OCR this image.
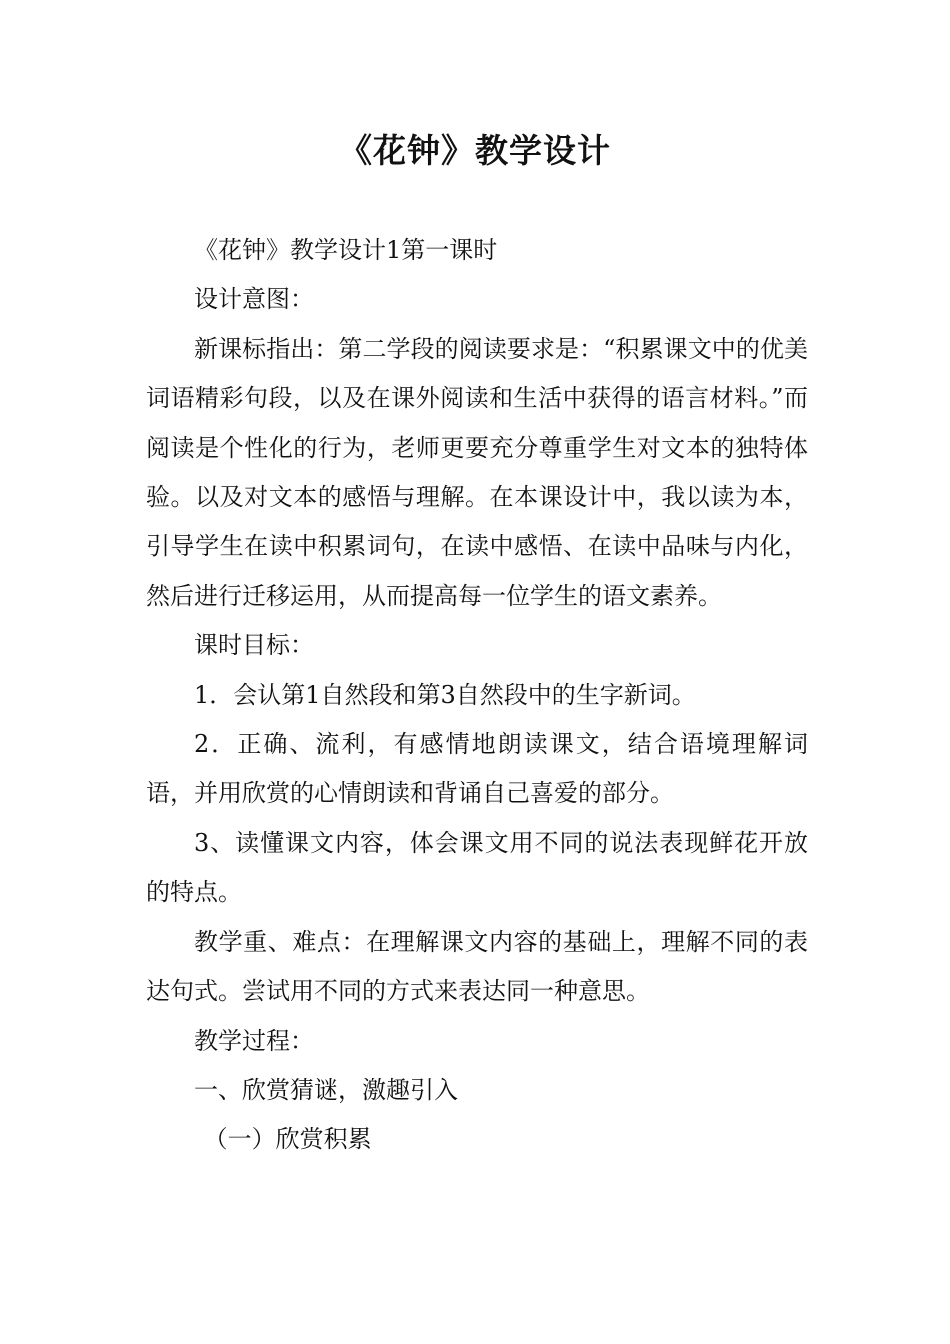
《花钟》教学设计

《花钟》教学设计1第一课时

设计意图：

新课标指出：第二学段的阅读要求是：“积累课文中的优美词语精彩句段，以及在课外阅读和生活中获得的语言材料。”而阅读是个性化的行为，老师更要充分尊重学生对文本的独特体验。以及对文本的感悟与理解。在本课设计中，我以读为本，引导学生在读中积累词句，在读中感悟、在读中品味与内化，然后进行迁移运用，从而提高每一位学生的语文素养。

课时目标：

1．会认第1自然段和第3自然段中的生字新词。

2．正确、流利，有感情地朗读课文，结合语境理解词语，并用欣赏的心情朗读和背诵自己喜爱的部分。

3、读懂课文内容，体会课文用不同的说法表现鲜花开放的特点。

教学重、难点：在理解课文内容的基础上，理解不同的表达句式。尝试用不同的方式来表达同一种意思。

教学过程：

一、欣赏猜谜，激趣引入

（一）欣赏积累
